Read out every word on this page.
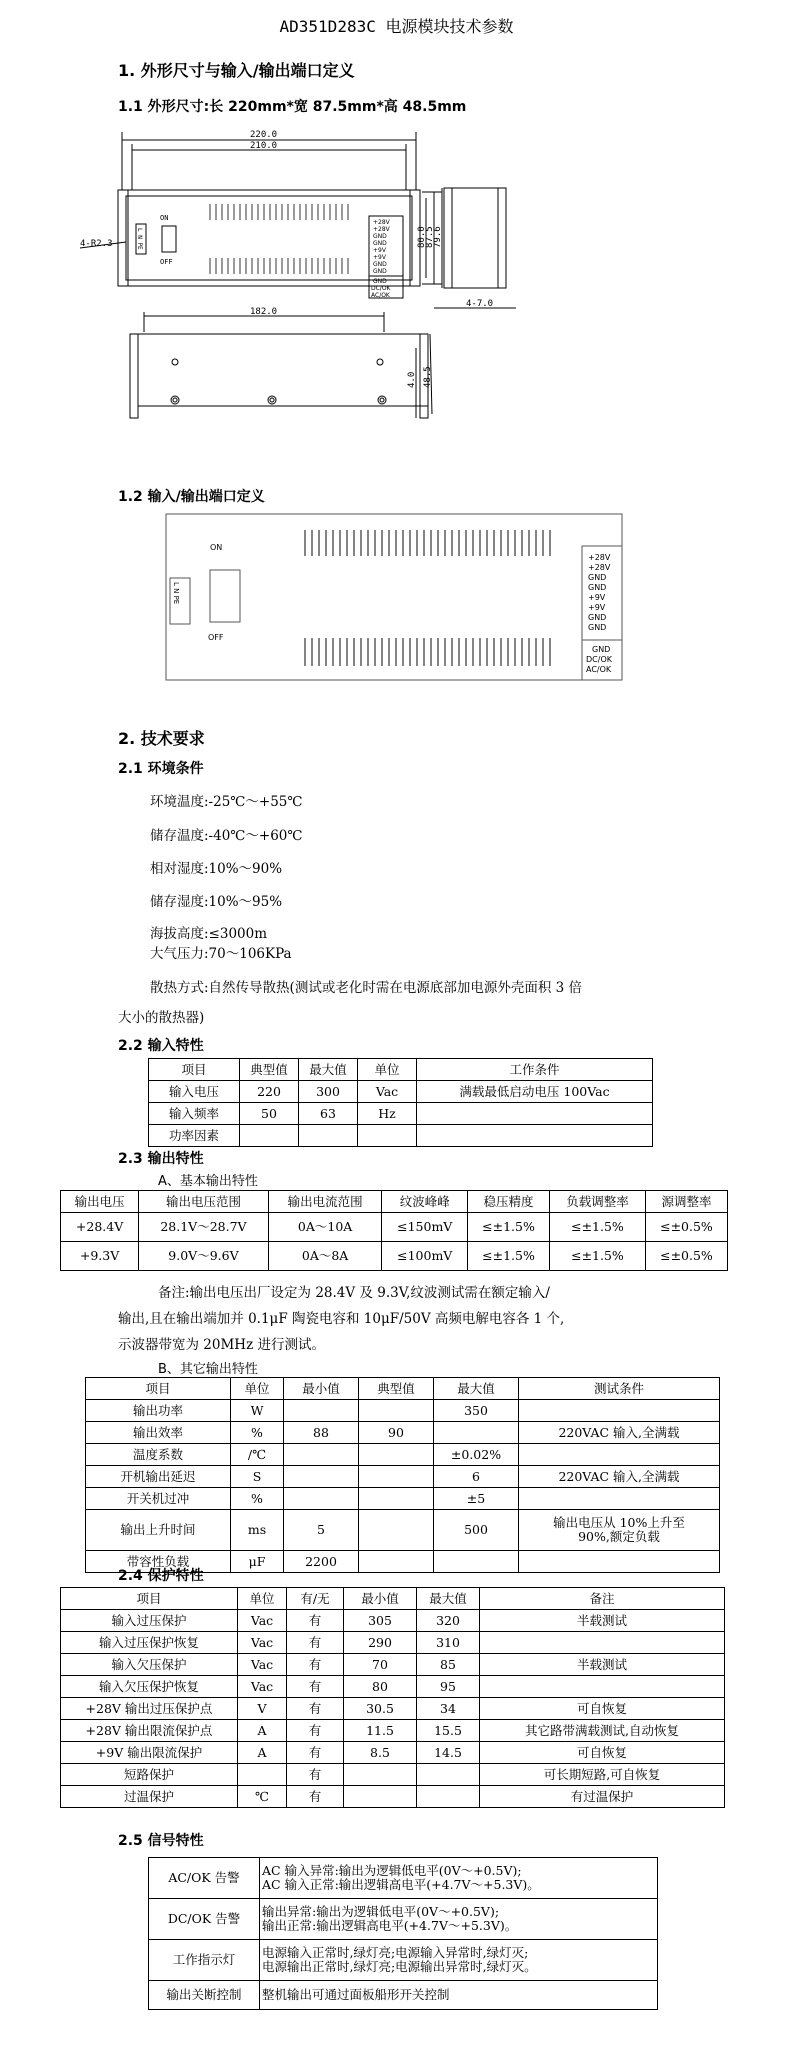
AD351D283C 电源模块技术参数
1. 外形尺寸与输入/输出端口定义
1.1 外形尺寸:长 220mm*宽 87.5mm*高 48.5mm
220.0
210.0
182.0
4-R2.3
4-7.0
ON
OFF
L N PE	80.0
87.5
79.6
48.5
4.0
+28V
+28V
GND
GND
+9V
+9V
GND
GND
GND
DC/OK
AC/OK
1.2 输入/输出端口定义
ON
OFF
L N PE
+28V
+28V
GND
GND
+9V
+9V
GND
GND
GND
DC/OK
AC/OK
2. 技术要求
2.1 环境条件
环境温度:-25℃～+55℃
储存温度:-40℃～+60℃
相对湿度:10%～90%
储存湿度:10%～95%
海拔高度:≤3000m
大气压力:70～106KPa
散热方式:自然传导散热(测试或老化时需在电源底部加电源外壳面积 3 倍
大小的散热器)
2.2 输入特性
项目	典型值	最大值	单位	工作条件
输入电压	220	300	Vac	满载最低启动电压 100Vac
输入频率	50	63	Hz	
功率因素				
2.3 输出特性
A、基本输出特性
输出电压	输出电压范围	输出电流范围	纹波峰峰	稳压精度	负载调整率	源调整率
+28.4V	28.1V～28.7V	0A～10A	≤150mV	≤±1.5%	≤±1.5%	≤±0.5%
+9.3V	9.0V～9.6V	0A～8A	≤100mV	≤±1.5%	≤±1.5%	≤±0.5%
备注:输出电压出厂设定为 28.4V 及 9.3V,纹波测试需在额定输入/
输出,且在输出端加并 0.1μF 陶瓷电容和 10μF/50V 高频电解电容各 1 个,
示波器带宽为 20MHz 进行测试。
B、其它输出特性
项目	单位	最小值	典型值	最大值	测试条件
输出功率	W			350	
输出效率	%	88	90		220VAC 输入,全满载
温度系数	/℃			±0.02%	
开机输出延迟	S			6	220VAC 输入,全满载
开关机过冲	%			±5	
输出上升时间	ms	5		500	输出电压从 10%上升至
90%,额定负载

带容性负载	μF	2200			
2.4 保护特性
项目	单位	有/无	最小值	最大值	备注
输入过压保护	Vac	有	305	320	半载测试
输入过压保护恢复	Vac	有	290	310	
输入欠压保护	Vac	有	70	85	半载测试
输入欠压保护恢复	Vac	有	80	95	
+28V 输出过压保护点	V	有	30.5	34	可自恢复
+28V 输出限流保护点	A	有	11.5	15.5	其它路带满载测试,自动恢复
+9V 输出限流保护	A	有	8.5	14.5	可自恢复
短路保护		有			可长期短路,可自恢复
过温保护	℃	有			有过温保护
2.5 信号特性
AC/OK 告警	AC 输入异常:输出为逻辑低电平(0V～+0.5V);
AC 输入正常:输出逻辑高电平(+4.7V～+5.3V)。

DC/OK 告警	输出异常:输出为逻辑低电平(0V～+0.5V);
输出正常:输出逻辑高电平(+4.7V～+5.3V)。

工作指示灯	电源输入正常时,绿灯亮;电源输入异常时,绿灯灭;
电源输出正常时,绿灯亮;电源输出异常时,绿灯灭。

输出关断控制	整机输出可通过面板船形开关控制
